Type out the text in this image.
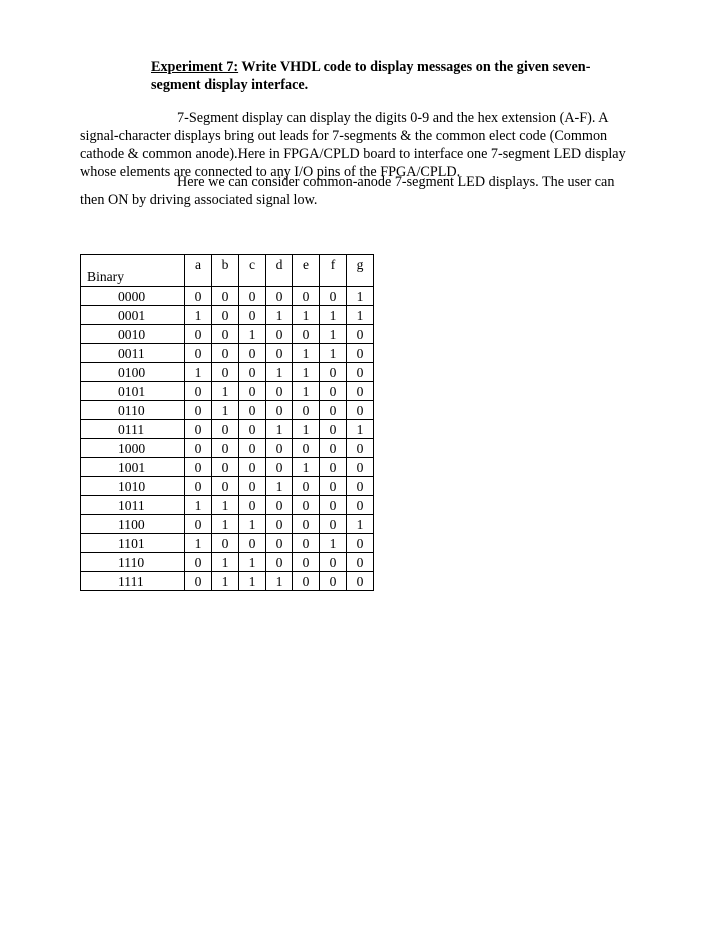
Experiment 7: Write VHDL code to display messages on the given seven-segment display interface.

7-Segment display can display the digits 0-9 and the hex extension (A-F). A signal-character displays bring out leads for 7-segments & the common elect code (Common cathode & common anode).Here in FPGA/CPLD board to interface one 7-segment LED display whose elements are connected to any I/O pins of the FPGA/CPLD.

Here we can consider common-anode 7-segment LED displays. The user can then ON by driving associated signal low.

Binary	a	b	c	d	e	f	g
0000	0	0	0	0	0	0	1
0001	1	0	0	1	1	1	1
0010	0	0	1	0	0	1	0
0011	0	0	0	0	1	1	0
0100	1	0	0	1	1	0	0
0101	0	1	0	0	1	0	0
0110	0	1	0	0	0	0	0
0111	0	0	0	1	1	0	1
1000	0	0	0	0	0	0	0
1001	0	0	0	0	1	0	0
1010	0	0	0	1	0	0	0
1011	1	1	0	0	0	0	0
1100	0	1	1	0	0	0	1
1101	1	0	0	0	0	1	0
1110	0	1	1	0	0	0	0
1111	0	1	1	1	0	0	0
